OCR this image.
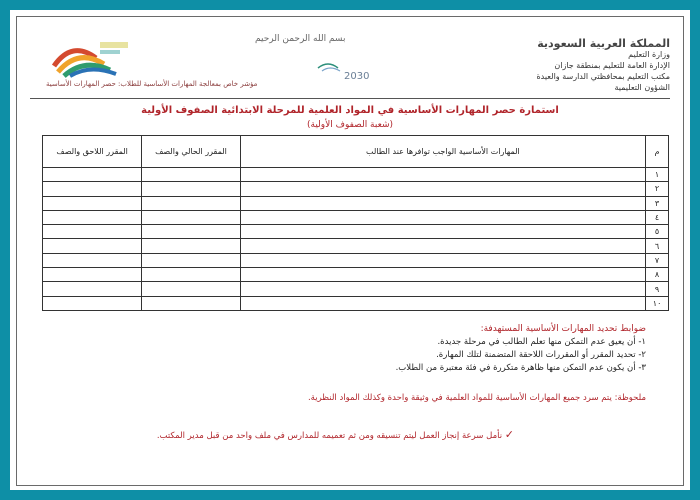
بسم الله الرحمن الرحيم	المملكة العربية السعودية
وزارة التعليم
الإدارة العامة للتعليم بمنطقة جازان
مكتب التعليم بمحافظتي الدارسة والعيدة
الشؤون التعليمية
2030
مؤشر خاص بمعالجة المهارات الأساسية للطلاب: حصر المهارات الأساسية
استمارة حصر المهارات الأساسية في المواد العلمية للمرحلة الابتدائية الصفوف الأولية
(شعبة الصفوف الأولية)
م	المهارات الأساسية الواجب توافرها عند الطالب	المقرر الحالي والصف	المقرر اللاحق والصف
١			
٢			
٣			
٤			
٥			
٦			
٧			
٨			
٩			
١٠			
ضوابط تحديد المهارات الأساسية المستهدفة:
١- أن يعيق عدم التمكن منها تعلم الطالب في مرحلة جديدة.
٢- تحديد المقرر أو المقررات اللاحقة المتضمنة لتلك المهارة.
٣- أن يكون عدم التمكن منها ظاهرة متكررة في فئة معتبرة من الطلاب.
ملحوظة: يتم سرد جميع المهارات الأساسية للمواد العلمية في وثيقة واحدة وكذلك المواد النظرية.
✓ نأمل سرعة إنجاز العمل ليتم تنسيقه ومن ثم تعميمه للمدارس في ملف واحد من قبل مدير المكتب.
